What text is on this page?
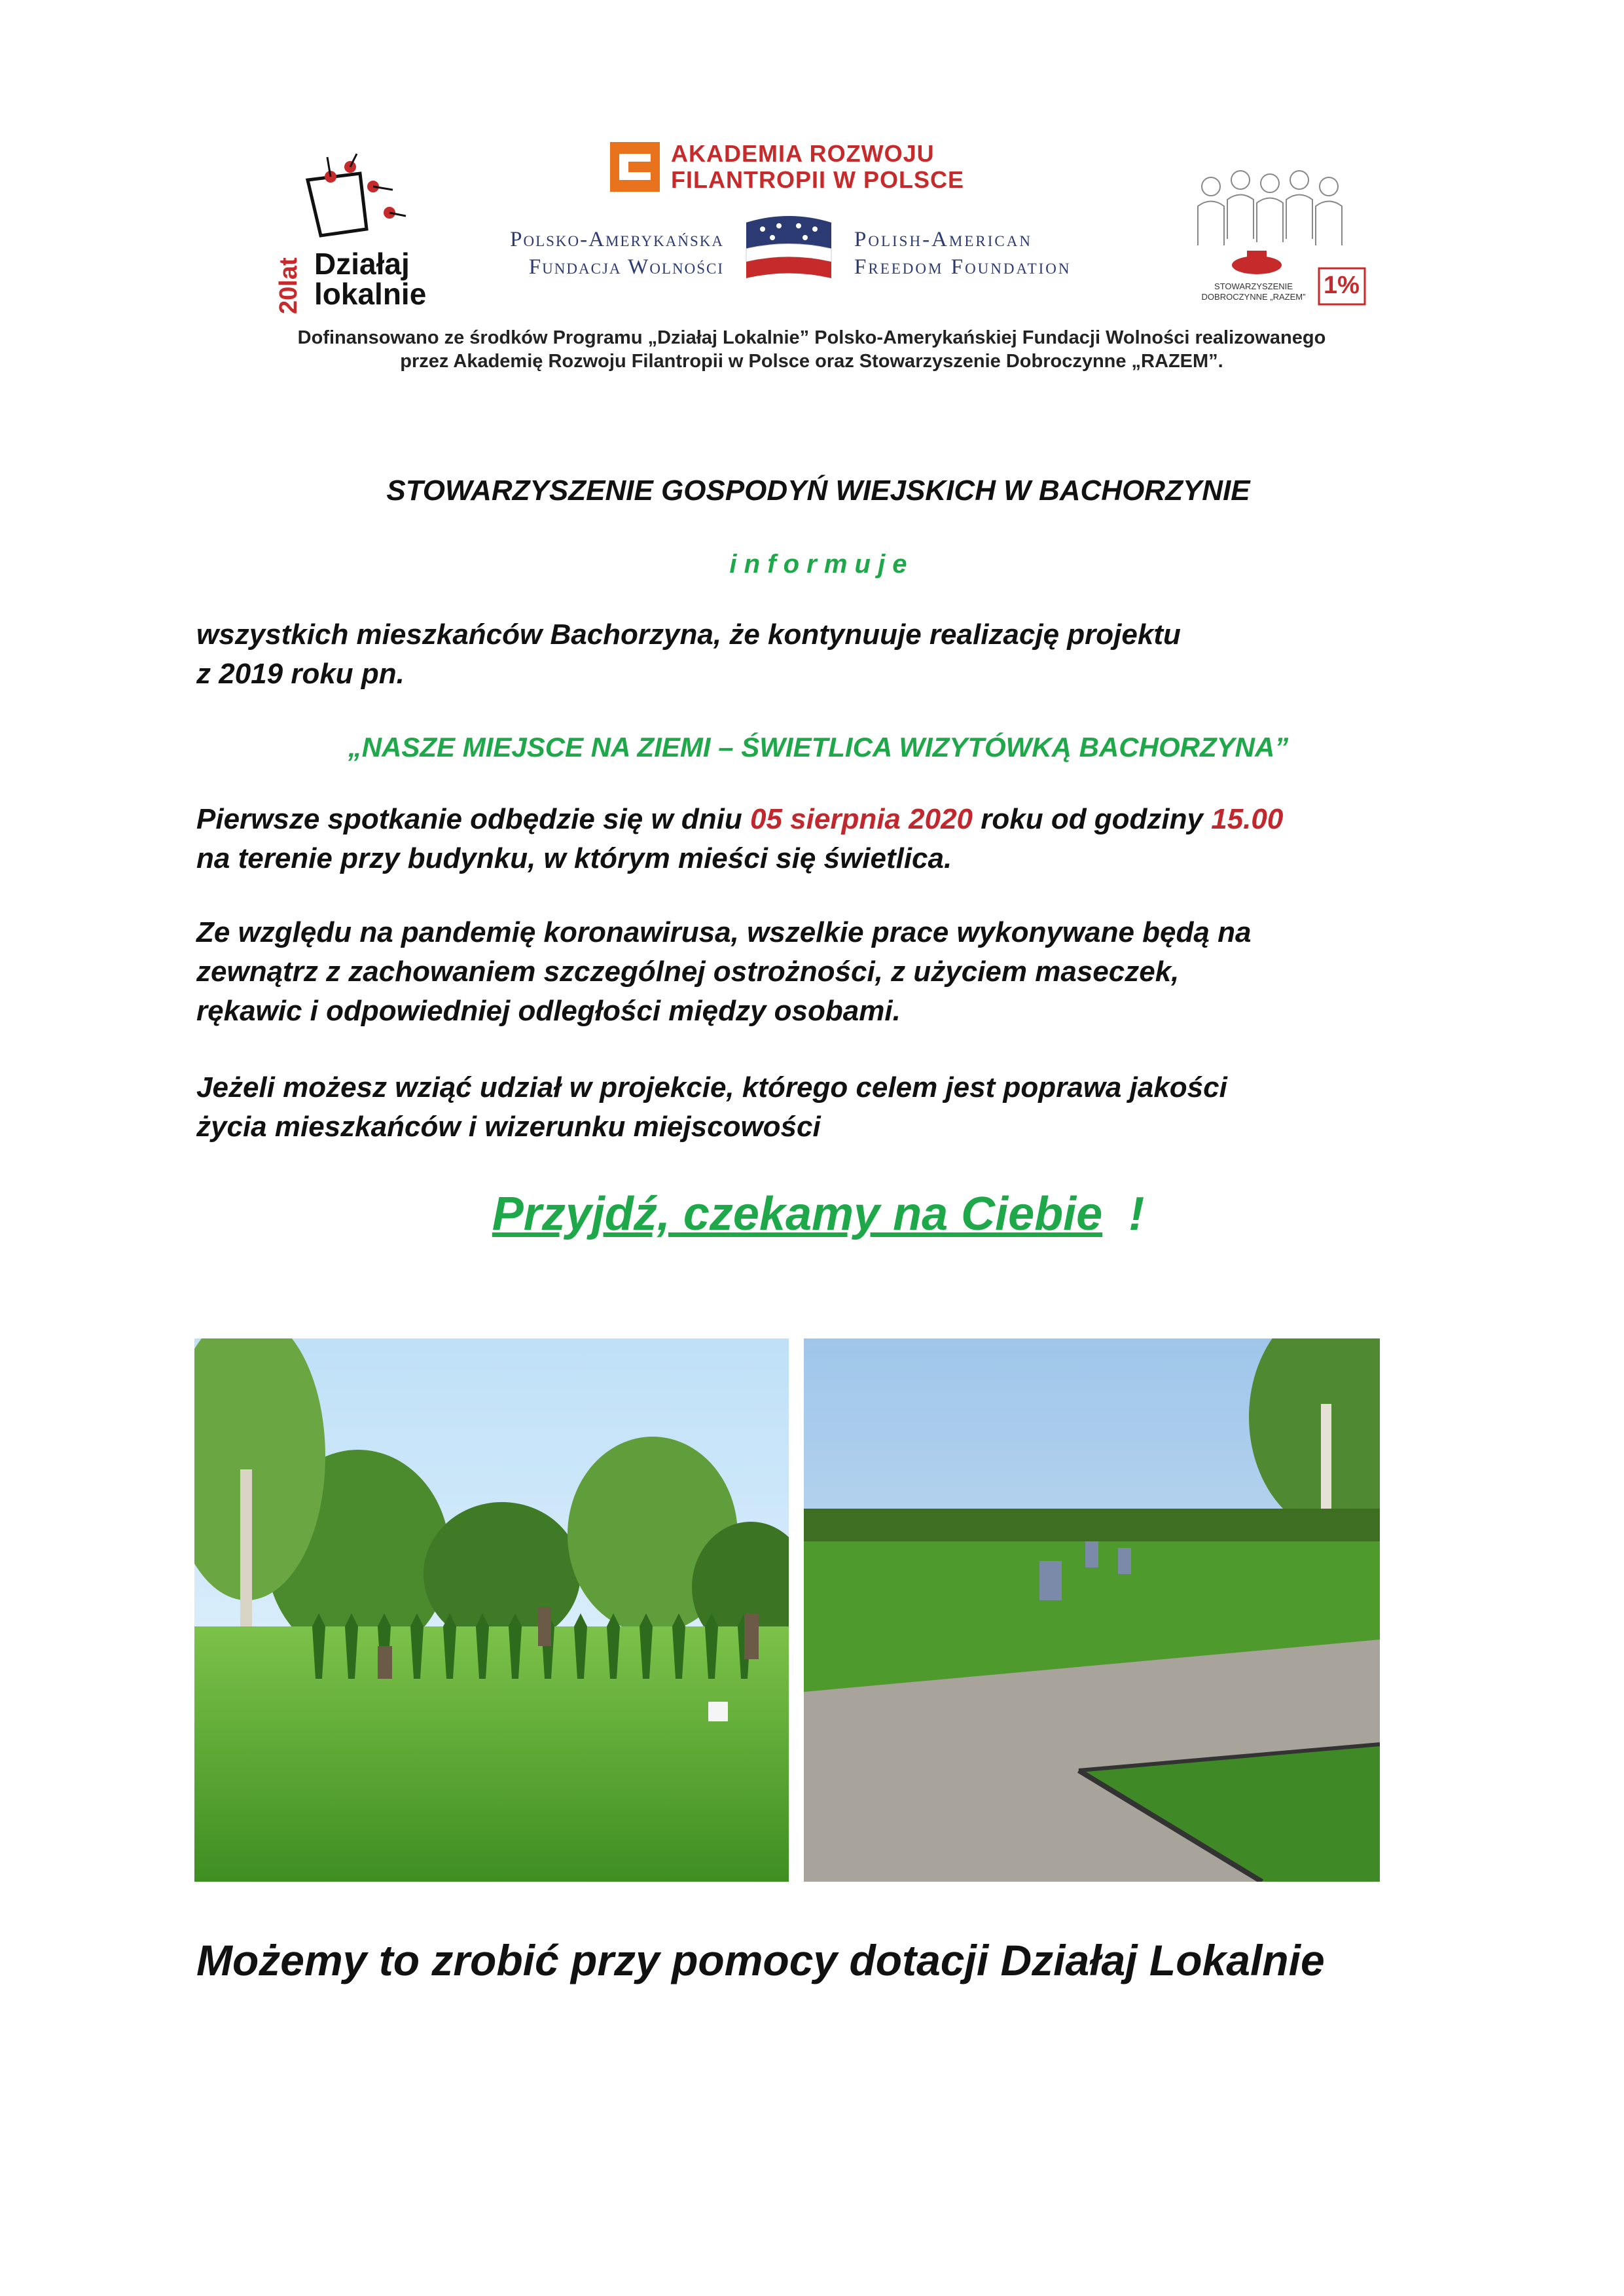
20lat Działaj
lokalnie
AKADEMIA ROZWOJU
FILANTROPII W POLSCE
Polsko-Amerykańska
Fundacja Wolności
Polish-American
Freedom Foundation
1%
STOWARZYSZENIE
DOBROCZYNNE „RAZEM”
Dofinansowano ze środków Programu „Działaj Lokalnie” Polsko-Amerykańskiej Fundacji Wolności realizowanego
przez Akademię Rozwoju Filantropii w Polsce oraz Stowarzyszenie Dobroczynne „RAZEM”.
STOWARZYSZENIE GOSPODYŃ WIEJSKICH W BACHORZYNIE
i n f o r m u j e
wszystkich mieszkańców Bachorzyna, że kontynuuje realizację projektu
z 2019 roku pn.
„NASZE MIEJSCE NA ZIEMI – ŚWIETLICA WIZYTÓWKĄ BACHORZYNA”
Pierwsze spotkanie odbędzie się w dniu 05 sierpnia 2020 roku od godziny 15.00
na terenie przy budynku, w którym mieści się świetlica.
Ze względu na pandemię koronawirusa, wszelkie prace wykonywane będą na
zewnątrz z zachowaniem szczególnej ostrożności, z użyciem maseczek,
rękawic i odpowiedniej odległości między osobami.
Jeżeli możesz wziąć udział w projekcie, którego celem jest poprawa jakości
życia mieszkańców i wizerunku miejscowości
Przyjdź, czekamy na Ciebie !
Możemy to zrobić przy pomocy dotacji Działaj Lokalnie
